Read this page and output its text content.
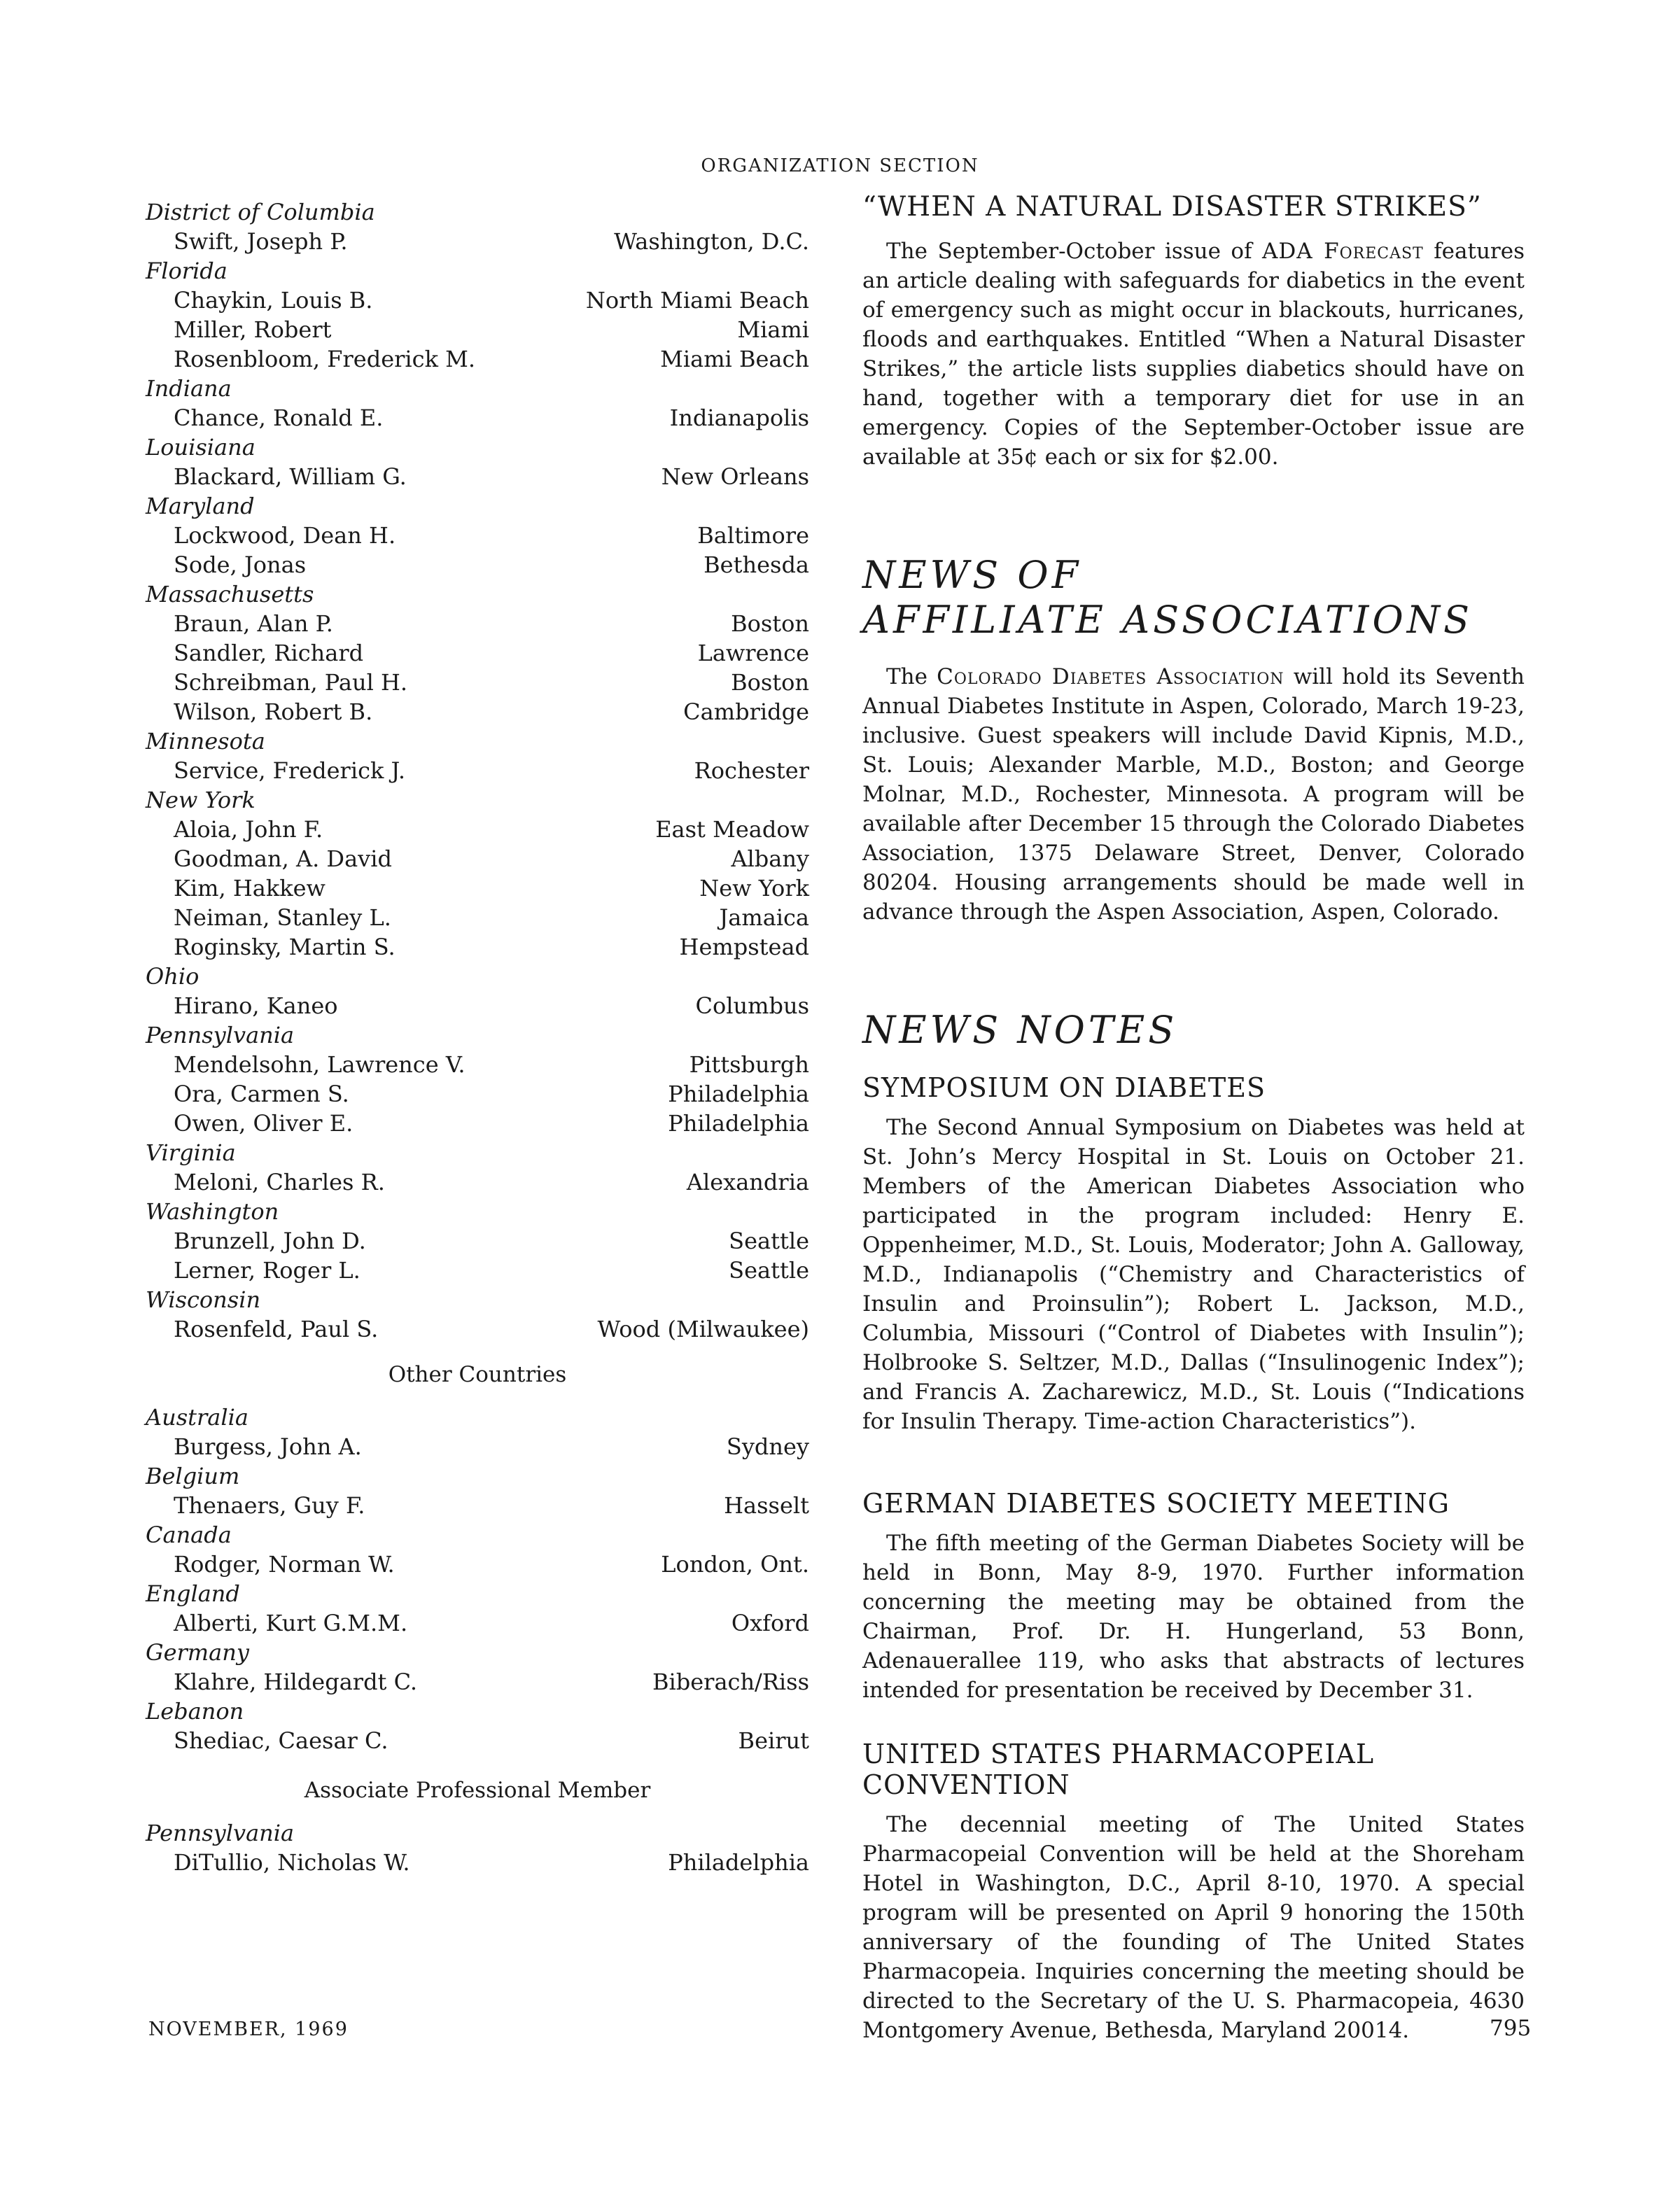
ORGANIZATION SECTION
District of Columbia
Swift, Joseph P.	Washington, D.C.
Florida
Chaykin, Louis B.	North Miami Beach
Miller, Robert	Miami
Rosenbloom, Frederick M.	Miami Beach
Indiana
Chance, Ronald E.	Indianapolis
Louisiana
Blackard, William G.	New Orleans
Maryland
Lockwood, Dean H.	Baltimore
Sode, Jonas	Bethesda
Massachusetts
Braun, Alan P.	Boston
Sandler, Richard	Lawrence
Schreibman, Paul H.	Boston
Wilson, Robert B.	Cambridge
Minnesota
Service, Frederick J.	Rochester
New York
Aloia, John F.	East Meadow
Goodman, A. David	Albany
Kim, Hakkew	New York
Neiman, Stanley L.	Jamaica
Roginsky, Martin S.	Hempstead
Ohio
Hirano, Kaneo	Columbus
Pennsylvania
Mendelsohn, Lawrence V.	Pittsburgh
Ora, Carmen S.	Philadelphia
Owen, Oliver E.	Philadelphia
Virginia
Meloni, Charles R.	Alexandria
Washington
Brunzell, John D.	Seattle
Lerner, Roger L.	Seattle
Wisconsin
Rosenfeld, Paul S.	Wood (Milwaukee)
Other Countries
Australia
Burgess, John A.	Sydney
Belgium
Thenaers, Guy F.	Hasselt
Canada
Rodger, Norman W.	London, Ont.
England
Alberti, Kurt G.M.M.	Oxford
Germany
Klahre, Hildegardt C.	Biberach/Riss
Lebanon
Shediac, Caesar C.	Beirut
Associate Professional Member
Pennsylvania
DiTullio, Nicholas W.	Philadelphia
“WHEN A NATURAL DISASTER STRIKES”

The September-October issue of ADA Forecast features an article dealing with safeguards for diabetics in the event of emergency such as might occur in blackouts, hurricanes, floods and earthquakes. Entitled “When a Natural Disaster Strikes,” the article lists supplies diabetics should have on hand, together with a temporary diet for use in an emergency. Copies of the September-October issue are available at 35¢ each or six for $2.00.

NEWS OF
AFFILIATE ASSOCIATIONS

The Colorado Diabetes Association will hold its Seventh Annual Diabetes Institute in Aspen, Colorado, March 19-23, inclusive. Guest speakers will include David Kipnis, M.D., St. Louis; Alexander Marble, M.D., Boston; and George Molnar, M.D., Rochester, Minnesota. A program will be available after December 15 through the Colorado Diabetes Association, 1375 Delaware Street, Denver, Colorado 80204. Housing arrangements should be made well in advance through the Aspen Association, Aspen, Colorado.

NEWS NOTES
SYMPOSIUM ON DIABETES

The Second Annual Symposium on Diabetes was held at St. John’s Mercy Hospital in St. Louis on October 21. Members of the American Diabetes Association who participated in the program included: Henry E. Oppenheimer, M.D., St. Louis, Moderator; John A. Galloway, M.D., Indianapolis (“Chemistry and Characteristics of Insulin and Proinsulin”); Robert L. Jackson, M.D., Columbia, Missouri (“Control of Diabetes with Insulin”); Holbrooke S. Seltzer, M.D., Dallas (“Insulinogenic Index”); and Francis A. Zacharewicz, M.D., St. Louis (“Indications for Insulin Therapy. Time-action Characteristics”).

GERMAN DIABETES SOCIETY MEETING

The fifth meeting of the German Diabetes Society will be held in Bonn, May 8-9, 1970. Further information concerning the meeting may be obtained from the Chairman, Prof. Dr. H. Hungerland, 53 Bonn, Adenauerallee 119, who asks that abstracts of lectures intended for presentation be received by December 31.

UNITED STATES PHARMACOPEIAL
CONVENTION

The decennial meeting of The United States Pharmacopeial Convention will be held at the Shoreham Hotel in Washington, D.C., April 8-10, 1970. A special program will be presented on April 9 honoring the 150th anniversary of the founding of The United States Pharmacopeia. Inquiries concerning the meeting should be directed to the Secretary of the U. S. Pharmacopeia, 4630 Montgomery Avenue, Bethesda, Maryland 20014.

NOVEMBER, 1969	795
